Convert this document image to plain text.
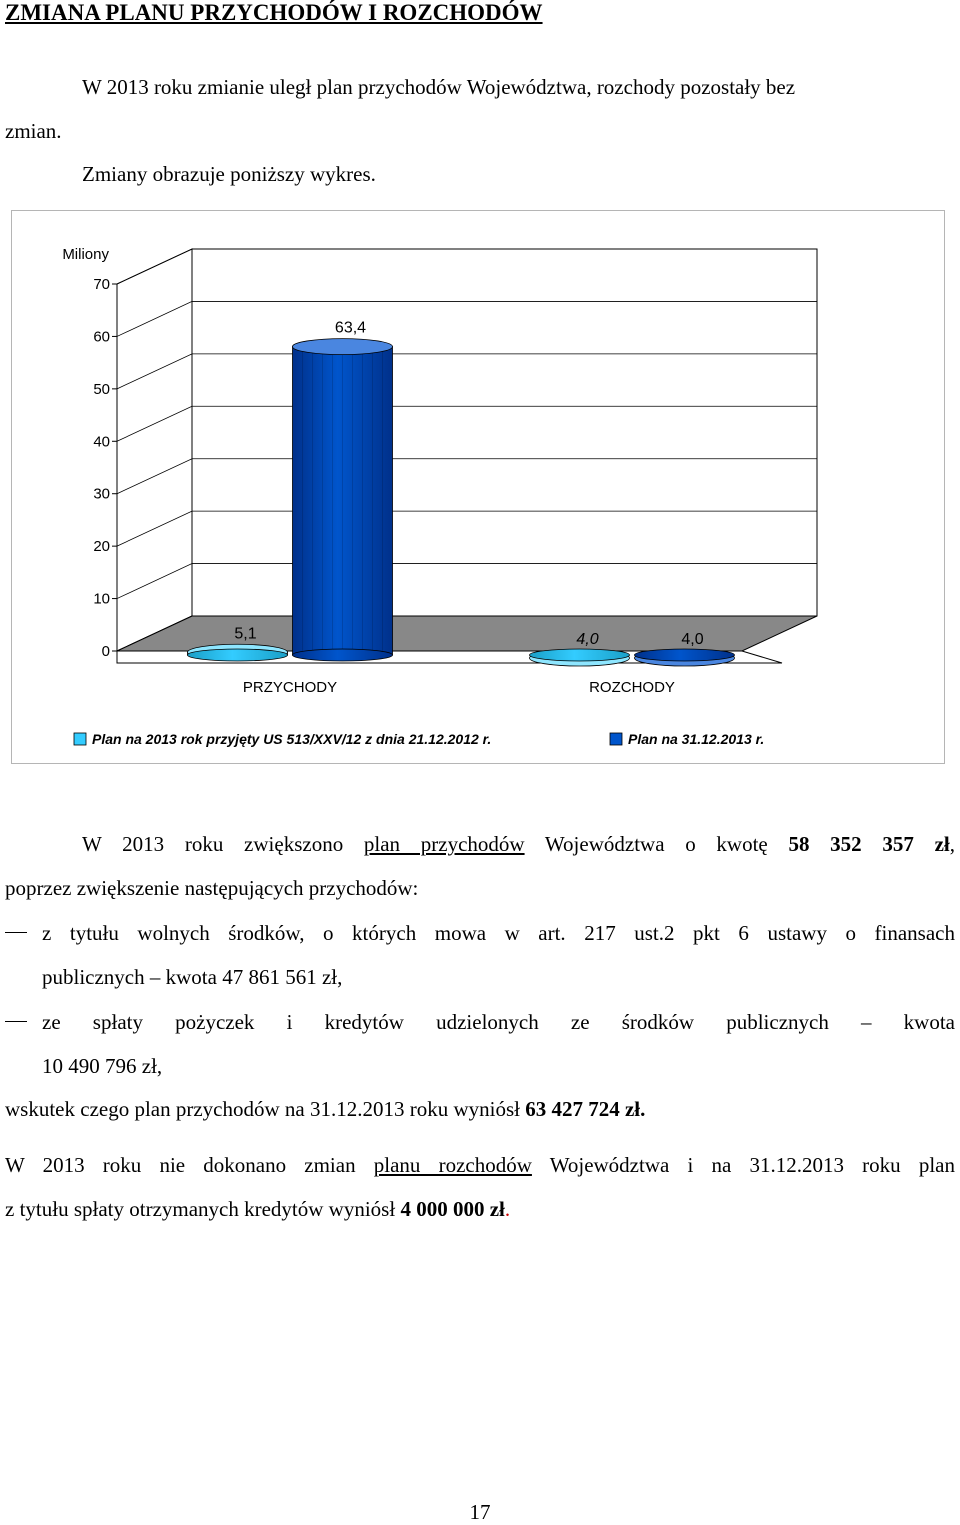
ZMIANA PLANU PRZYCHODÓW I ROZCHODÓW
W 2013 roku zmianie uległ plan przychodów Województwa, rozchody pozostały bez
zmian.
Zmiany obrazuje poniższy wykres.
0
10
20
30
40
50
60
70
Miliony
5,1
63,4
PRZYCHODY
4,0	4,0
ROZCHODY
Plan na 2013 rok przyjęty US 513/XXV/12 z dnia 21.12.2012 r.	Plan na 31.12.2013 r.
W 2013 roku zwiększono plan przychodów Województwa o kwotę 58 352 357 zł,
poprzez zwiększenie następujących przychodów:
z tytułu wolnych środków, o których mowa w art. 217 ust.2 pkt 6 ustawy o finansach
publicznych – kwota 47 861 561 zł,
ze spłaty pożyczek i kredytów udzielonych ze środków publicznych – kwota
10 490 796 zł,
wskutek czego plan przychodów na 31.12.2013 roku wyniósł 63 427 724 zł.
W 2013 roku nie dokonano zmian planu rozchodów Województwa i na 31.12.2013 roku plan
z tytułu spłaty otrzymanych kredytów wyniósł 4 000 000 zł.
17
